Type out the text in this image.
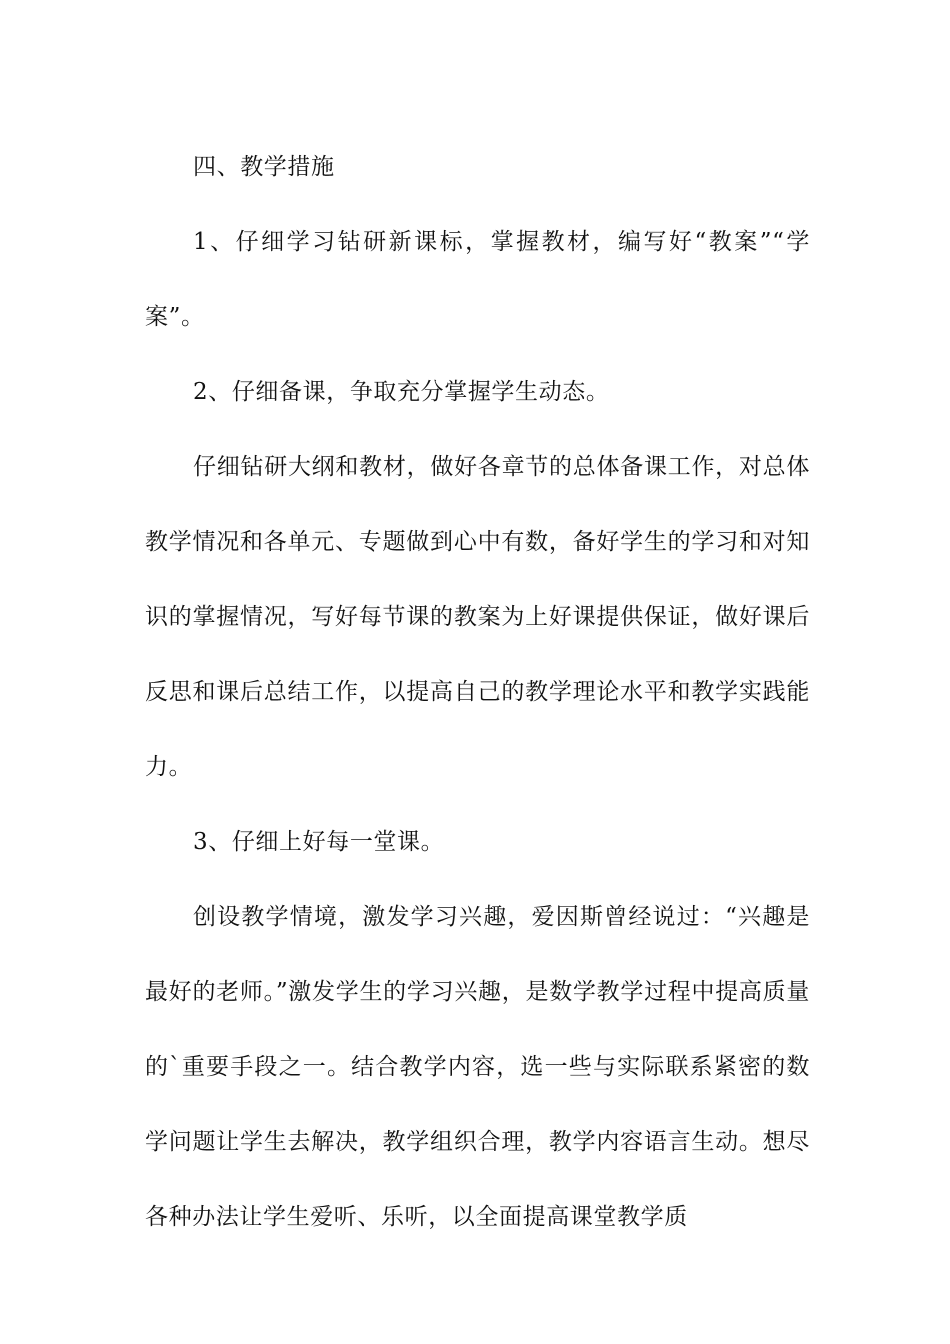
四、教学措施

1、仔细学习钻研新课标，掌握教材，编写好“教案”“学案”。

2、仔细备课，争取充分掌握学生动态。

仔细钻研大纲和教材，做好各章节的总体备课工作，对总体教学情况和各单元、专题做到心中有数，备好学生的学习和对知识的掌握情况，写好每节课的教案为上好课提供保证，做好课后反思和课后总结工作，以提高自己的教学理论水平和教学实践能力。

3、仔细上好每一堂课。

创设教学情境，激发学习兴趣，爱因斯曾经说过：“兴趣是最好的老师。”激发学生的学习兴趣，是数学教学过程中提高质量的`重要手段之一。结合教学内容，选一些与实际联系紧密的数学问题让学生去解决，教学组织合理，教学内容语言生动。想尽各种办法让学生爱听、乐听，以全面提高课堂教学质
